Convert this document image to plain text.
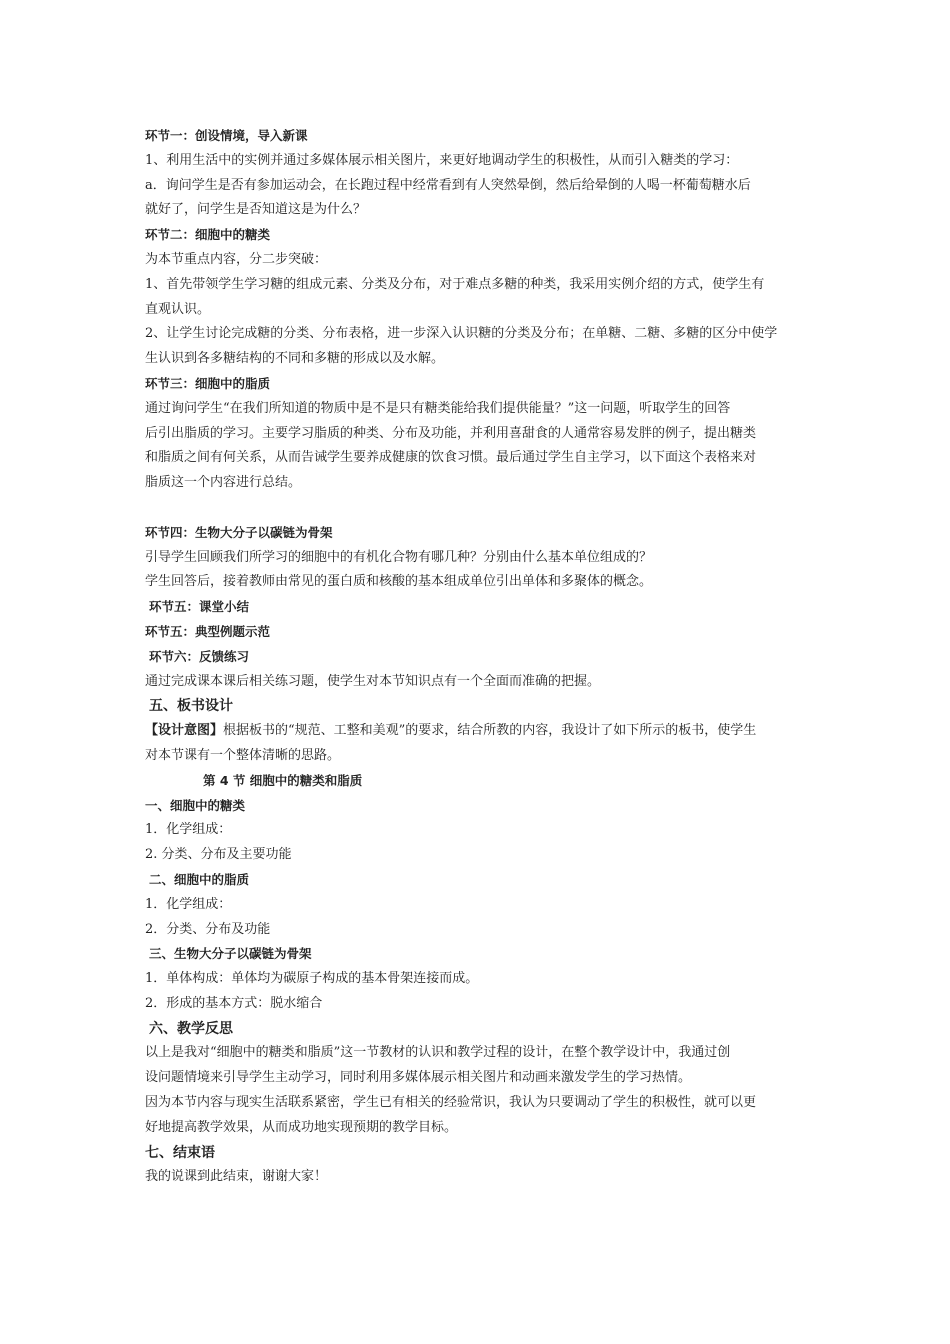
环节一：创设情境，导入新课
1、利用生活中的实例并通过多媒体展示相关图片，来更好地调动学生的积极性，从而引入糖类的学习：
a．询问学生是否有参加运动会，在长跑过程中经常看到有人突然晕倒，然后给晕倒的人喝一杯葡萄糖水后
就好了，问学生是否知道这是为什么？
环节二：细胞中的糖类
为本节重点内容，分二步突破：
1、首先带领学生学习糖的组成元素、分类及分布，对于难点多糖的种类，我采用实例介绍的方式，使学生有
直观认识。
2、让学生讨论完成糖的分类、分布表格，进一步深入认识糖的分类及分布；在单糖、二糖、多糖的区分中使学
生认识到各多糖结构的不同和多糖的形成以及水解。
环节三：细胞中的脂质
通过询问学生“在我们所知道的物质中是不是只有糖类能给我们提供能量？”这一问题，听取学生的回答
后引出脂质的学习。主要学习脂质的种类、分布及功能，并利用喜甜食的人通常容易发胖的例子，提出糖类
和脂质之间有何关系，从而告诫学生要养成健康的饮食习惯。最后通过学生自主学习，以下面这个表格来对
脂质这一个内容进行总结。
环节四：生物大分子以碳链为骨架
引导学生回顾我们所学习的细胞中的有机化合物有哪几种？分别由什么基本单位组成的？
学生回答后，接着教师由常见的蛋白质和核酸的基本组成单位引出单体和多聚体的概念。
环节五：课堂小结
环节五：典型例题示范
环节六：反馈练习
通过完成课本课后相关练习题，使学生对本节知识点有一个全面而准确的把握。
五、板书设计
【设计意图】根据板书的“规范、工整和美观”的要求，结合所教的内容，我设计了如下所示的板书，使学生
对本节课有一个整体清晰的思路。
第 4 节 细胞中的糖类和脂质
一、细胞中的糖类
1．化学组成：
2. 分类、分布及主要功能
二、细胞中的脂质
1．化学组成：
2．分类、分布及功能
三、生物大分子以碳链为骨架
1．单体构成：单体均为碳原子构成的基本骨架连接而成。
2．形成的基本方式：脱水缩合
六、教学反思
以上是我对“细胞中的糖类和脂质”这一节教材的认识和教学过程的设计，在整个教学设计中，我通过创
设问题情境来引导学生主动学习，同时利用多媒体展示相关图片和动画来激发学生的学习热情。
因为本节内容与现实生活联系紧密，学生已有相关的经验常识，我认为只要调动了学生的积极性，就可以更
好地提高教学效果，从而成功地实现预期的教学目标。
七、结束语
我的说课到此结束，谢谢大家！
